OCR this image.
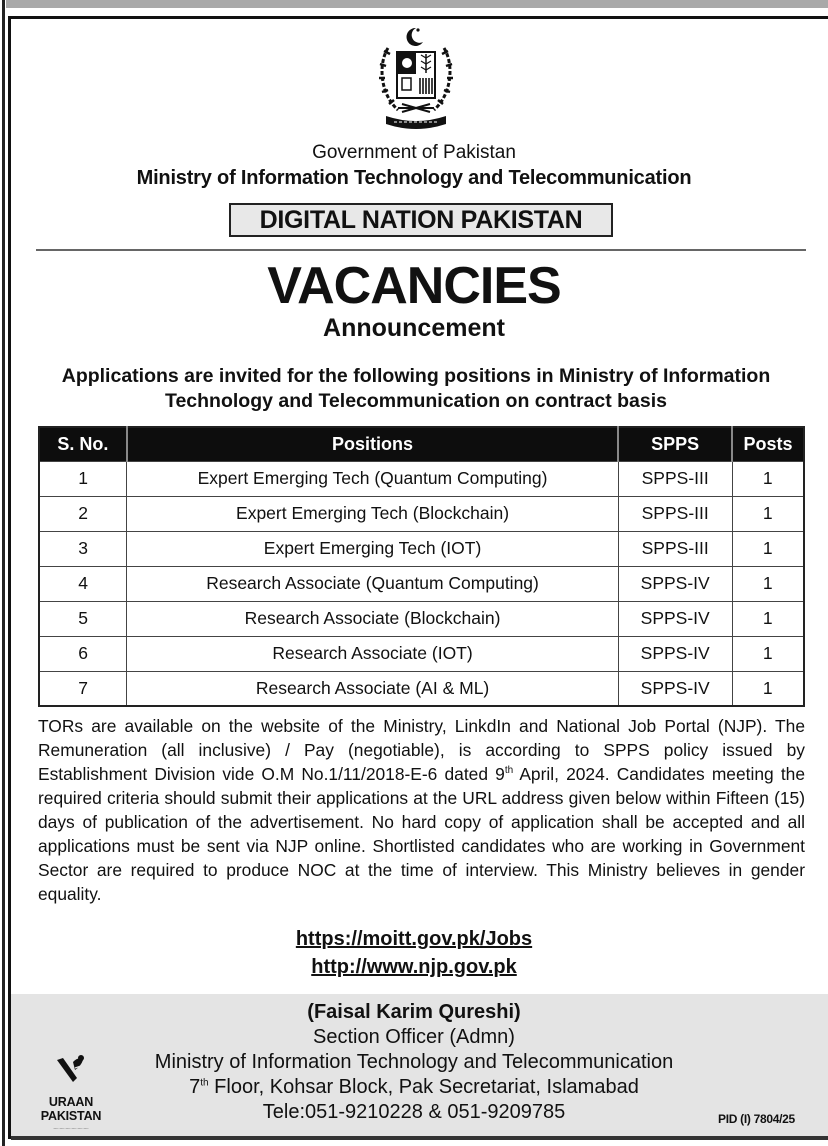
Government of Pakistan
Ministry of Information Technology and Telecommunication
DIGITAL NATION PAKISTAN
VACANCIES
Announcement
Applications are invited for the following positions in Ministry of Information Technology and Telecommunication on contract basis
S. No.	Positions	SPPS	Posts
1	Expert Emerging Tech (Quantum Computing)	SPPS-III	1
2	Expert Emerging Tech (Blockchain)	SPPS-III	1
3	Expert Emerging Tech (IOT)	SPPS-III	1
4	Research Associate (Quantum Computing)	SPPS-IV	1
5	Research Associate (Blockchain)	SPPS-IV	1
6	Research Associate (IOT)	SPPS-IV	1
7	Research Associate (AI & ML)	SPPS-IV	1

TORs are available on the website of the Ministry, LinkdIn and National Job Portal (NJP). The Remuneration (all inclusive) / Pay (negotiable), is according to SPPS policy issued by Establishment Division vide O.M No.1/11/2018-E-6 dated 9th April, 2024. Candidates meeting the required criteria should submit their applications at the URL address given below within Fifteen (15) days of publication of the advertisement. No hard copy of application shall be accepted and all applications must be sent via NJP online. Shortlisted candidates who are working in Government Sector are required to produce NOC at the time of interview. This Ministry believes in gender equality.

https://moitt.gov.pk/Jobs
http://www.njp.gov.pk
(Faisal Karim Qureshi)
Section Officer (Admn)
Ministry of Information Technology and Telecommunication
7th Floor, Kohsar Block, Pak Secretariat, Islamabad
Tele:051-9210228 & 051-9209785
URAAN
PAKISTAN
〜〜〜〜〜〜
PID (I) 7804/25
